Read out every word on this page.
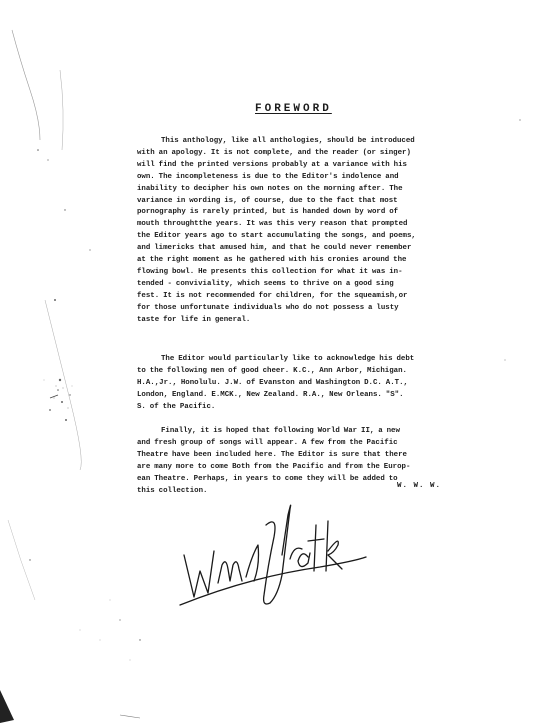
FOREWORD

This anthology, like all anthologies, should be introduced
with an apology. It is not complete, and the reader (or singer)
will find the printed versions probably at a variance with his
own. The incompleteness is due to the Editor's indolence and
inability to decipher his own notes on the morning after. The
variance in wording is, of course, due to the fact that most
pornography is rarely printed, but is handed down by word of
mouth throughtthe years. It was this very reason that prompted
the Editor years ago to start accumulating the songs, and poems,
and limericks that amused him, and that he could never remember
at the right moment as he gathered with his cronies around the
flowing bowl. He presents this collection for what it was in-
tended - conviviality, which seems to thrive on a good sing
fest. It is not recommended for children, for the squeamish,or
for those unfortunate individuals who do not possess a lusty
taste for life in general.

The Editor would particularly like to acknowledge his debt
to the following men of good cheer. K.C., Ann Arbor, Michigan.
H.A.,Jr., Honolulu. J.W. of Evanston and Washington D.C. A.T.,
London, England. E.MCK., New Zealand. R.A., New Orleans. "S".
S. of the Pacific.

Finally, it is hoped that following World War II, a new
and fresh group of songs will appear. A few from the Pacific
Theatre have been included here. The Editor is sure that there
are many more to come Both from the Pacific and from the Europ-
ean Theatre. Perhaps, in years to come they will be added to
this collection.

W. W. W.
